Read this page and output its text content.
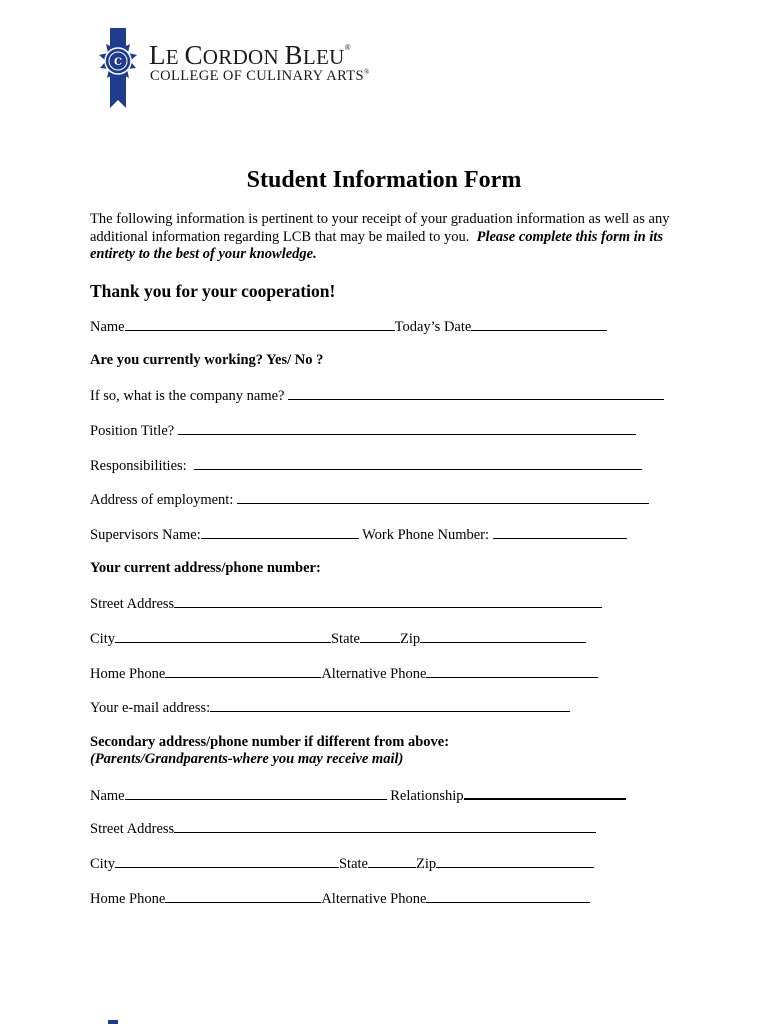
C LE CORDON BLEU®
COLLEGE OF CULINARY ARTS®
Student Information Form

The following information is pertinent to your receipt of your graduation information as well as any additional information regarding LCB that may be mailed to you. Please complete this form in its entirety to the best of your knowledge.

Thank you for your cooperation!

Name	Today’s Date
Are you currently working? Yes/ No ?
If so, what is the company name?
Position Title?
Responsibilities:
Address of employment:
Supervisors Name:	Work Phone Number:
Your current address/phone number:
Street Address
City	State	Zip
Home Phone	Alternative Phone
Your e-mail address:
Secondary address/phone number if different from above:
(Parents/Grandparents-where you may receive mail)
Name	Relationship
Street Address
City	State	Zip
Home Phone	Alternative Phone
